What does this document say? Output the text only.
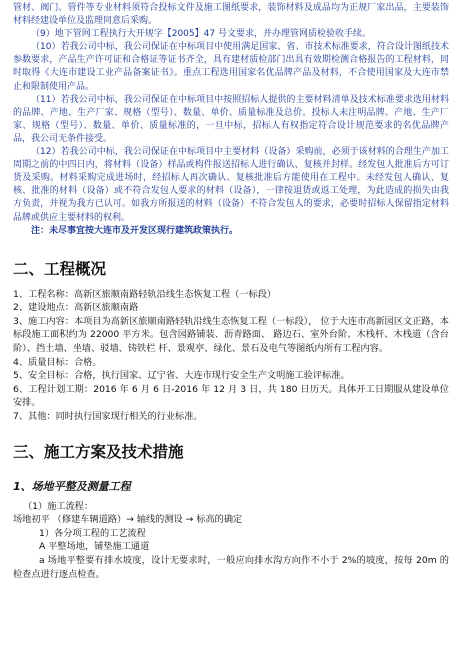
管材、阀门、管件等专业材料须符合投标文件及施工图纸要求，装饰材料及成品均为正规厂家出品，主要装饰材料经建设单位及监理同意后采购。

（9）地下管网工程执行大开规字【2005】47 号文要求，并办理管网质检验收手续。

（10）若我公司中标，我公司保证在中标项目中使用满足国家、省、市技术标准要求，符合设计图纸技术参数要求，产品生产许可证和合格证等证书齐全，具有建材质检部门出具有效期检测合格报告的工程材料，同时取得《大连市建设工业产品备案证书》。重点工程选用国家名优品牌产品及材料，不合使用国家及大连市禁止和限制使用产品。

（11）若我公司中标，我公司保证在中标项目中按照招标人提供的主要材料清单及技术标准要求选用材料的品牌、产地、生产厂家、规格（型号）、数量、单价、质量标准及总价。投标人未注明品牌、产地、生产厂家、规格（型号）、数量、单价、质量标准的，一旦中标，招标人有权指定符合设计规范要求的名优品牌产品，我公司无条件接受。

（12）若我公司中标，我公司保证在中标项目中主要材料（设备）采购前，必须于该材料的合理生产加工周期之前的中四日内，将材料（设备）样品或构件报送招标人进行确认、复核并封样。经发包人批准后方可订货及采购。材料采购完成进场时，经招标人再次确认、复核批准后方能使用在工程中。未经发包人确认、复核、批准的材料（设备）或不符合发包人要求的材料（设备），一律按退货或返工处理，为此造成的损失由我方负责，并视为我方已认可。如我方所报送的材料（设备）不符合发包人的要求，必要时招标人保留指定材料品牌或供应主要材料的权利。

注：未尽事宜按大连市及开发区现行建筑政策执行。

二、工程概况

1、工程名称：高新区旅顺南路轻轨沿线生态恢复工程（一标段）

2、建设地点：高新区旅顺南路

3、施工内容：本项目为高新区旅顺南路轻轨沿线生态恢复工程（一标段）， 位于大连市高新园区文正路，本标段施工面积约为 22000 平方米。包含园路铺装、沥青路面、 路边石、室外台阶、木栈杆、木栈道（含台阶）、挡土墙、坐墙、驳墙、铸铁栏 杆、景观亭、绿化、景石及电气等图纸内所有工程内容。

4、质量目标：合格。

5、安全目标：合格，执行国家、辽宁省、大连市现行安全生产文明施工验评标准。

6、工程计划工期：2016 年 6 月 6 日-2016 年 12 月 3 日，共 180 日历天。具体开工日期服从建设单位安排。

7、其他：同时执行国家现行相关的行业标准。

三、施工方案及技术措施
1、场地平整及测量工程

（1）施工流程：

场地初平 （修建车辆道路）→ 轴线的测设 → 标高的确定

1）各分项工程的工艺流程

A 平整场地，铺垫施工通道

a 场地平整要有排水坡度，设计无要求时，一般应向排水沟方向作不小于 2%的坡度，按每 20m 的检查点进行逐点检查。
